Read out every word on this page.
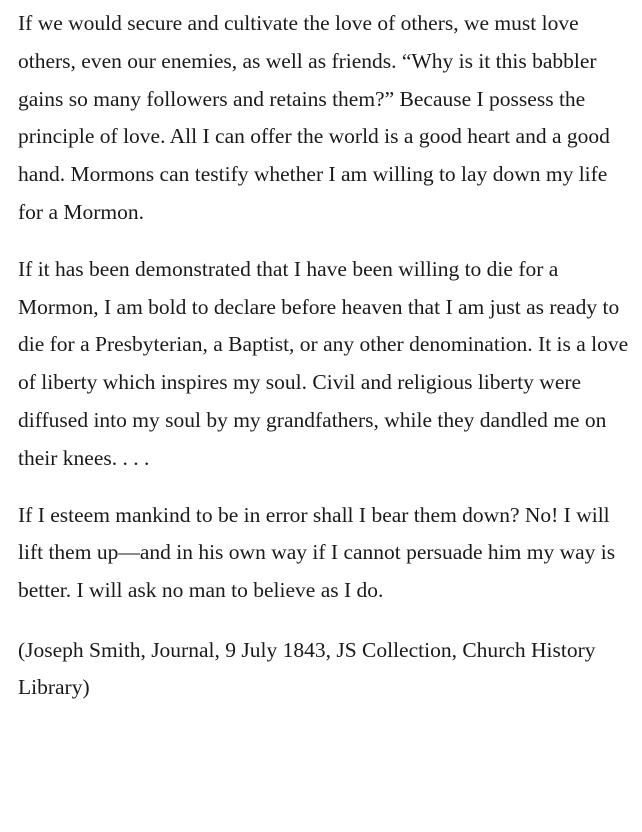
If we would secure and cultivate the love of others, we must love others, even our enemies, as well as friends. “Why is it this babbler gains so many followers and retains them?” Because I possess the principle of love. All I can offer the world is a good heart and a good hand. Mormons can testify whether I am willing to lay down my life for a Mormon.

If it has been demonstrated that I have been willing to die for a Mormon, I am bold to declare before heaven that I am just as ready to die for a Presbyterian, a Baptist, or any other denomination. It is a love of liberty which inspires my soul. Civil and religious liberty were diffused into my soul by my grandfathers, while they dandled me on their knees. . . .

If I esteem mankind to be in error shall I bear them down? No! I will lift them up—and in his own way if I cannot persuade him my way is better. I will ask no man to believe as I do.

(Joseph Smith, Journal, 9 July 1843, JS Collection, Church History Library)
